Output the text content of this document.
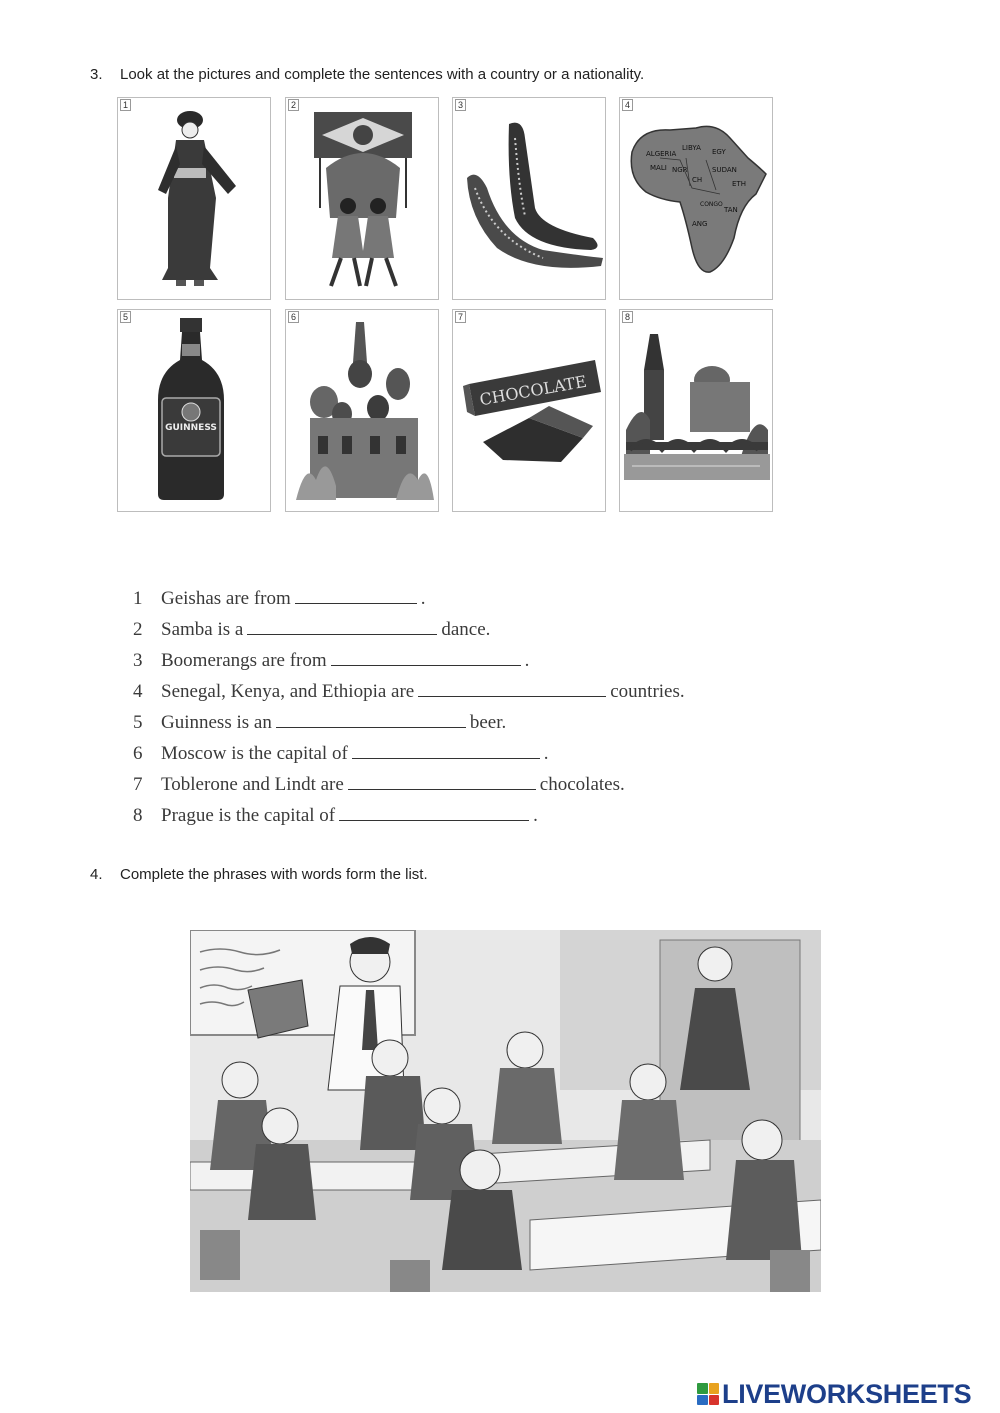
3. Look at the pictures and complete the sentences with a country or a nationality.
1	2	3	4
ALGERIA
LIBYA EGY
MALI NGR	SUDAN
CH	ETH
TAN
ANG
CONGO
5
GUINNESS
6	7
CHOCOLATE
8
1 Geishas are from	.
2 Samba is a	dance.
3 Boomerangs are from	.
4 Senegal, Kenya, and Ethiopia are	countries.
5 Guinness is an	beer.
6 Moscow is the capital of	.
7 Toblerone and Lindt are	chocolates.
8 Prague is the capital of	.
4. Complete the phrases with words form the list.
LIVEWORKSHEETS
